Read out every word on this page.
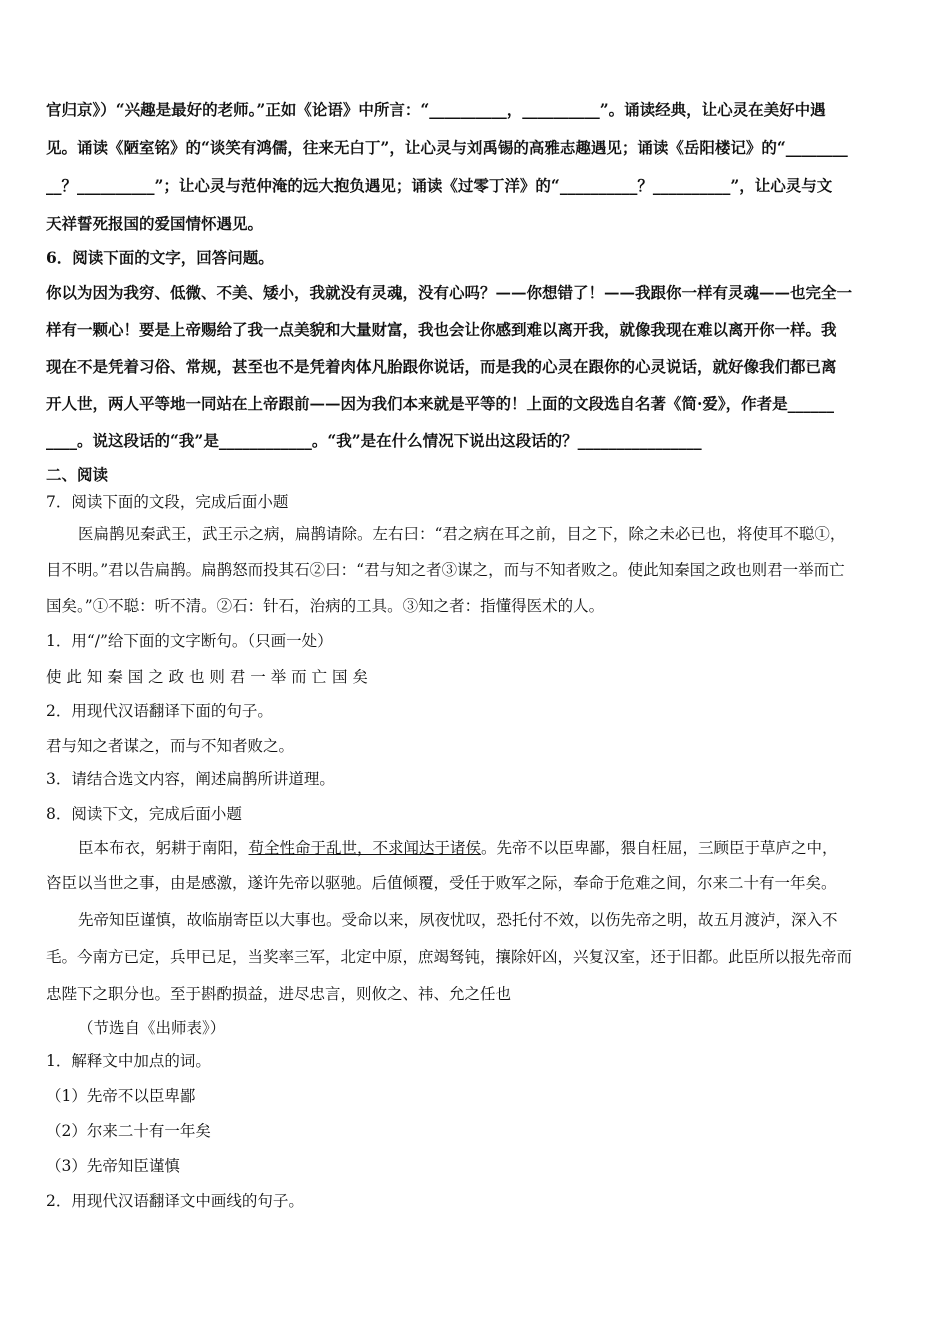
官归京》）“兴趣是最好的老师。”正如《论语》中所言：“__________，__________”。诵读经典，让心灵在美好中遇
见。诵读《陋室铭》的“谈笑有鸿儒，往来无白丁”，让心灵与刘禹锡的高雅志趣遇见；诵读《岳阳楼记》的“________
__？__________”；让心灵与范仲淹的远大抱负遇见；诵读《过零丁洋》的“__________？__________”，让心灵与文
天祥誓死报国的爱国情怀遇见。
6．阅读下面的文字，回答问题。
你以为因为我穷、低微、不美、矮小，我就没有灵魂，没有心吗？——你想错了！——我跟你一样有灵魂——也完全一
样有一颗心！要是上帝赐给了我一点美貌和大量财富，我也会让你感到难以离开我，就像我现在难以离开你一样。我
现在不是凭着习俗、常规，甚至也不是凭着肉体凡胎跟你说话，而是我的心灵在跟你的心灵说话，就好像我们都已离
开人世，两人平等地一同站在上帝跟前——因为我们本来就是平等的！上面的文段选自名著《简·爱》，作者是______
____。说这段话的“我”是____________。“我”是在什么情况下说出这段话的？________________
二、阅读
7．阅读下面的文段，完成后面小题
医扁鹊见秦武王，武王示之病，扁鹊请除。左右曰：“君之病在耳之前，目之下，除之未必已也，将使耳不聪①，
目不明。”君以告扁鹊。扁鹊怒而投其石②曰：“君与知之者③谋之，而与不知者败之。使此知秦国之政也则君一举而亡
国矣。”①不聪：听不清。②石：针石，治病的工具。③知之者：指懂得医术的人。
1．用“/”给下面的文字断句。（只画一处）
使 此 知 秦 国 之 政 也 则 君 一 举 而 亡 国 矣
2．用现代汉语翻译下面的句子。
君与知之者谋之，而与不知者败之。
3．请结合选文内容，阐述扁鹊所讲道理。
8．阅读下文，完成后面小题
臣本布衣，躬耕于南阳，苟全性命于乱世，不求闻达于诸侯。先帝不以臣卑鄙，猥自枉屈，三顾臣于草庐之中，
咨臣以当世之事，由是感激，遂许先帝以驱驰。后值倾覆，受任于败军之际，奉命于危难之间，尔来二十有一年矣。
先帝知臣谨慎，故临崩寄臣以大事也。受命以来，夙夜忧叹，恐托付不效，以伤先帝之明，故五月渡泸，深入不
毛。今南方已定，兵甲已足，当奖率三军，北定中原，庶竭驽钝，攘除奸凶，兴复汉室，还于旧都。此臣所以报先帝而
忠陛下之职分也。至于斟酌损益，进尽忠言，则攸之、祎、允之任也
（节选自《出师表》）
1．解释文中加点的词。
（1）先帝不以臣卑鄙
（2）尔来二十有一年矣
（3）先帝知臣谨慎
2．用现代汉语翻译文中画线的句子。
